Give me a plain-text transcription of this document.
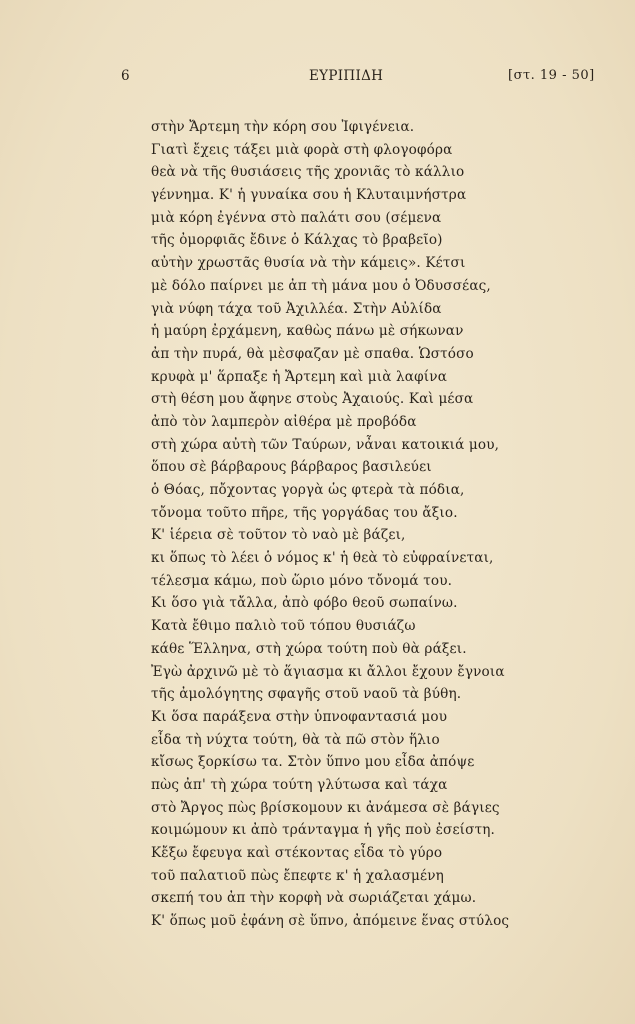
6	ΕΥΡΙΠΙΔΗ	[στ. 19 - 50]
στὴν Ἄρτεμη τὴν κόρη σου Ἰφιγένεια.
Γιατὶ ἔχεις τάξει μιὰ φορὰ στὴ φλογοφόρα
θεὰ νὰ τῆς θυσιάσεις τῆς χρονιᾶς τὸ κάλλιο
γέννημα. Κ' ἡ γυναίκα σου ἡ Κλυταιμνήστρα
μιὰ κόρη ἐγέννα στὸ παλάτι σου (σέμενα
τῆς ὀμορφιᾶς ἔδινε ὁ Κάλχας τὸ βραβεῖο)
αὐτὴν χρωστᾶς θυσία νὰ τὴν κάμεις». Κέτσι
μὲ δόλο παίρνει με ἀπ τὴ μάνα μου ὁ Ὀδυσσέας,
γιὰ νύφη τάχα τοῦ Ἀχιλλέα. Στὴν Αὐλίδα
ἡ μαύρη ἐρχάμενη, καθὼς πάνω μὲ σήκωναν
ἀπ τὴν πυρά, θὰ μὲσφαζαν μὲ σπαθα. Ὡστόσο
κρυφὰ μ' ἅρπαξε ἡ Ἄρτεμη καὶ μιὰ λαφίνα
στὴ θέση μου ἄφηνε στοὺς Ἀχαιούς. Καὶ μέσα
ἀπὸ τὸν λαμπερὸν αἰθέρα μὲ προβόδα
στὴ χώρα αὐτὴ τῶν Ταύρων, νἆναι κατοικιά μου,
ὅπου σὲ βάρβαρους βάρβαρος βασιλεύει
ὁ Θόας, πὄχοντας γοργὰ ὡς φτερὰ τὰ πόδια,
τὄνομα τοῦτο πῆρε, τῆς γοργάδας του ἄξιο.
Κ' ἱέρεια σὲ τοῦτον τὸ ναὸ μὲ βάζει,
κι ὅπως τὸ λέει ὁ νόμος κ' ἡ θεὰ τὸ εὐφραίνεται,
τέλεσμα κάμω, ποὺ ὥριο μόνο τὄνομά του.
Κι ὅσο γιὰ τἄλλα, ἀπὸ φόβο θεοῦ σωπαίνω.
Κατὰ ἔθιμο παλιὸ τοῦ τόπου θυσιάζω
κάθε Ἕλληνα, στὴ χώρα τούτη ποὺ θὰ ράξει.
Ἐγὼ ἀρχινῶ μὲ τὸ ἅγιασμα κι ἄλλοι ἔχουν ἔγνοια
τῆς ἀμολόγητης σφαγῆς στοῦ ναοῦ τὰ βύθη.
Κι ὅσα παράξενα στὴν ὑπνοφαντασιά μου
εἶδα τὴ νύχτα τούτη, θὰ τὰ πῶ στὸν ἥλιο
κἴσως ξορκίσω τα. Στὸν ὕπνο μου εἶδα ἀπόψε
πὼς ἀπ' τὴ χώρα τούτη γλύτωσα καὶ τάχα
στὸ Ἄργος πὼς βρίσκομουν κι ἀνάμεσα σὲ βάγιες
κοιμώμουν κι ἀπὸ τράνταγμα ἡ γῆς ποὺ ἐσείστη.
Κἔξω ἔφευγα καὶ στέκοντας εἶδα τὸ γύρο
τοῦ παλατιοῦ πὼς ἔπεφτε κ' ἡ χαλασμένη
σκεπή του ἀπ τὴν κορφὴ νὰ σωριάζεται χάμω.
Κ' ὅπως μοῦ ἐφάνη σὲ ὕπνο, ἀπόμεινε ἕνας στύλος
